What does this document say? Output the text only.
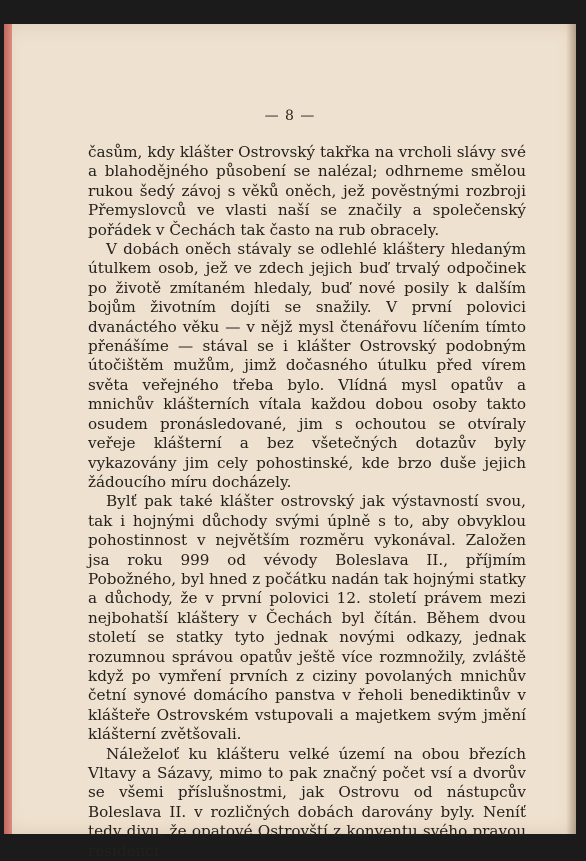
— 8 —

časům, kdy klášter Ostrovský takřka na vrcholi slávy své a blahodějného působení se nalézal; odhrneme smělou rukou šedý závoj s věků oněch, jež pověstnými rozbroji Přemyslovců ve vlasti naší se značily a společenský pořádek v Čechách tak často na rub obracely.

V dobách oněch stávaly se odlehlé kláštery hledaným útulkem osob, jež ve zdech jejich buď trvalý odpočinek po životě zmítaném hledaly, buď nové posily k dalším bojům životním dojíti se snažily. V první polovici dvanáctého věku — v nějž mysl čtenářovu líčením tímto přenášíme — stával se i klášter Ostrovský podobným útočištěm mužům, jimž dočasného útulku před vírem světa veřejného třeba bylo. Vlídná mysl opatův a mnichův klášterních vítala každou dobou osoby takto osudem pronásledované, jim s ochoutou se otvíraly veřeje klášterní a bez všetečných dotazův byly vykazovány jim cely pohostinské, kde brzo duše jejich žádoucího míru docházely.

Bylť pak také klášter ostrovský jak výstavností svou, tak i hojnými důchody svými úplně s to, aby obvyklou pohostinnost v největším rozměru vykonával. Založen jsa roku 999 od vévody Boleslava II., příjmím Pobožného, byl hned z počátku nadán tak hojnými statky a důchody, že v první polovici 12. století právem mezi nejbohatší kláštery v Čechách byl čítán. Během dvou století se statky tyto jednak novými odkazy, jednak rozumnou správou opatův ještě více rozmnožily, zvláště když po vymření prvních z ciziny povolaných mnichův četní synové domácího panstva v řeholi benediktinův v klášteře Ostrovském vstupovali a majetkem svým jmění klášterní zvětšovali.

Náleželoť ku klášteru velké území na obou březích Vltavy a Sázavy, mimo to pak značný počet vsí a dvorův se všemi příslušnostmi, jak Ostrovu od nástupcův Boleslava II. v rozličných dobách darovány byly. Neníť tedy divu, že opatové Ostrovští z konventu svého pravou residenci
